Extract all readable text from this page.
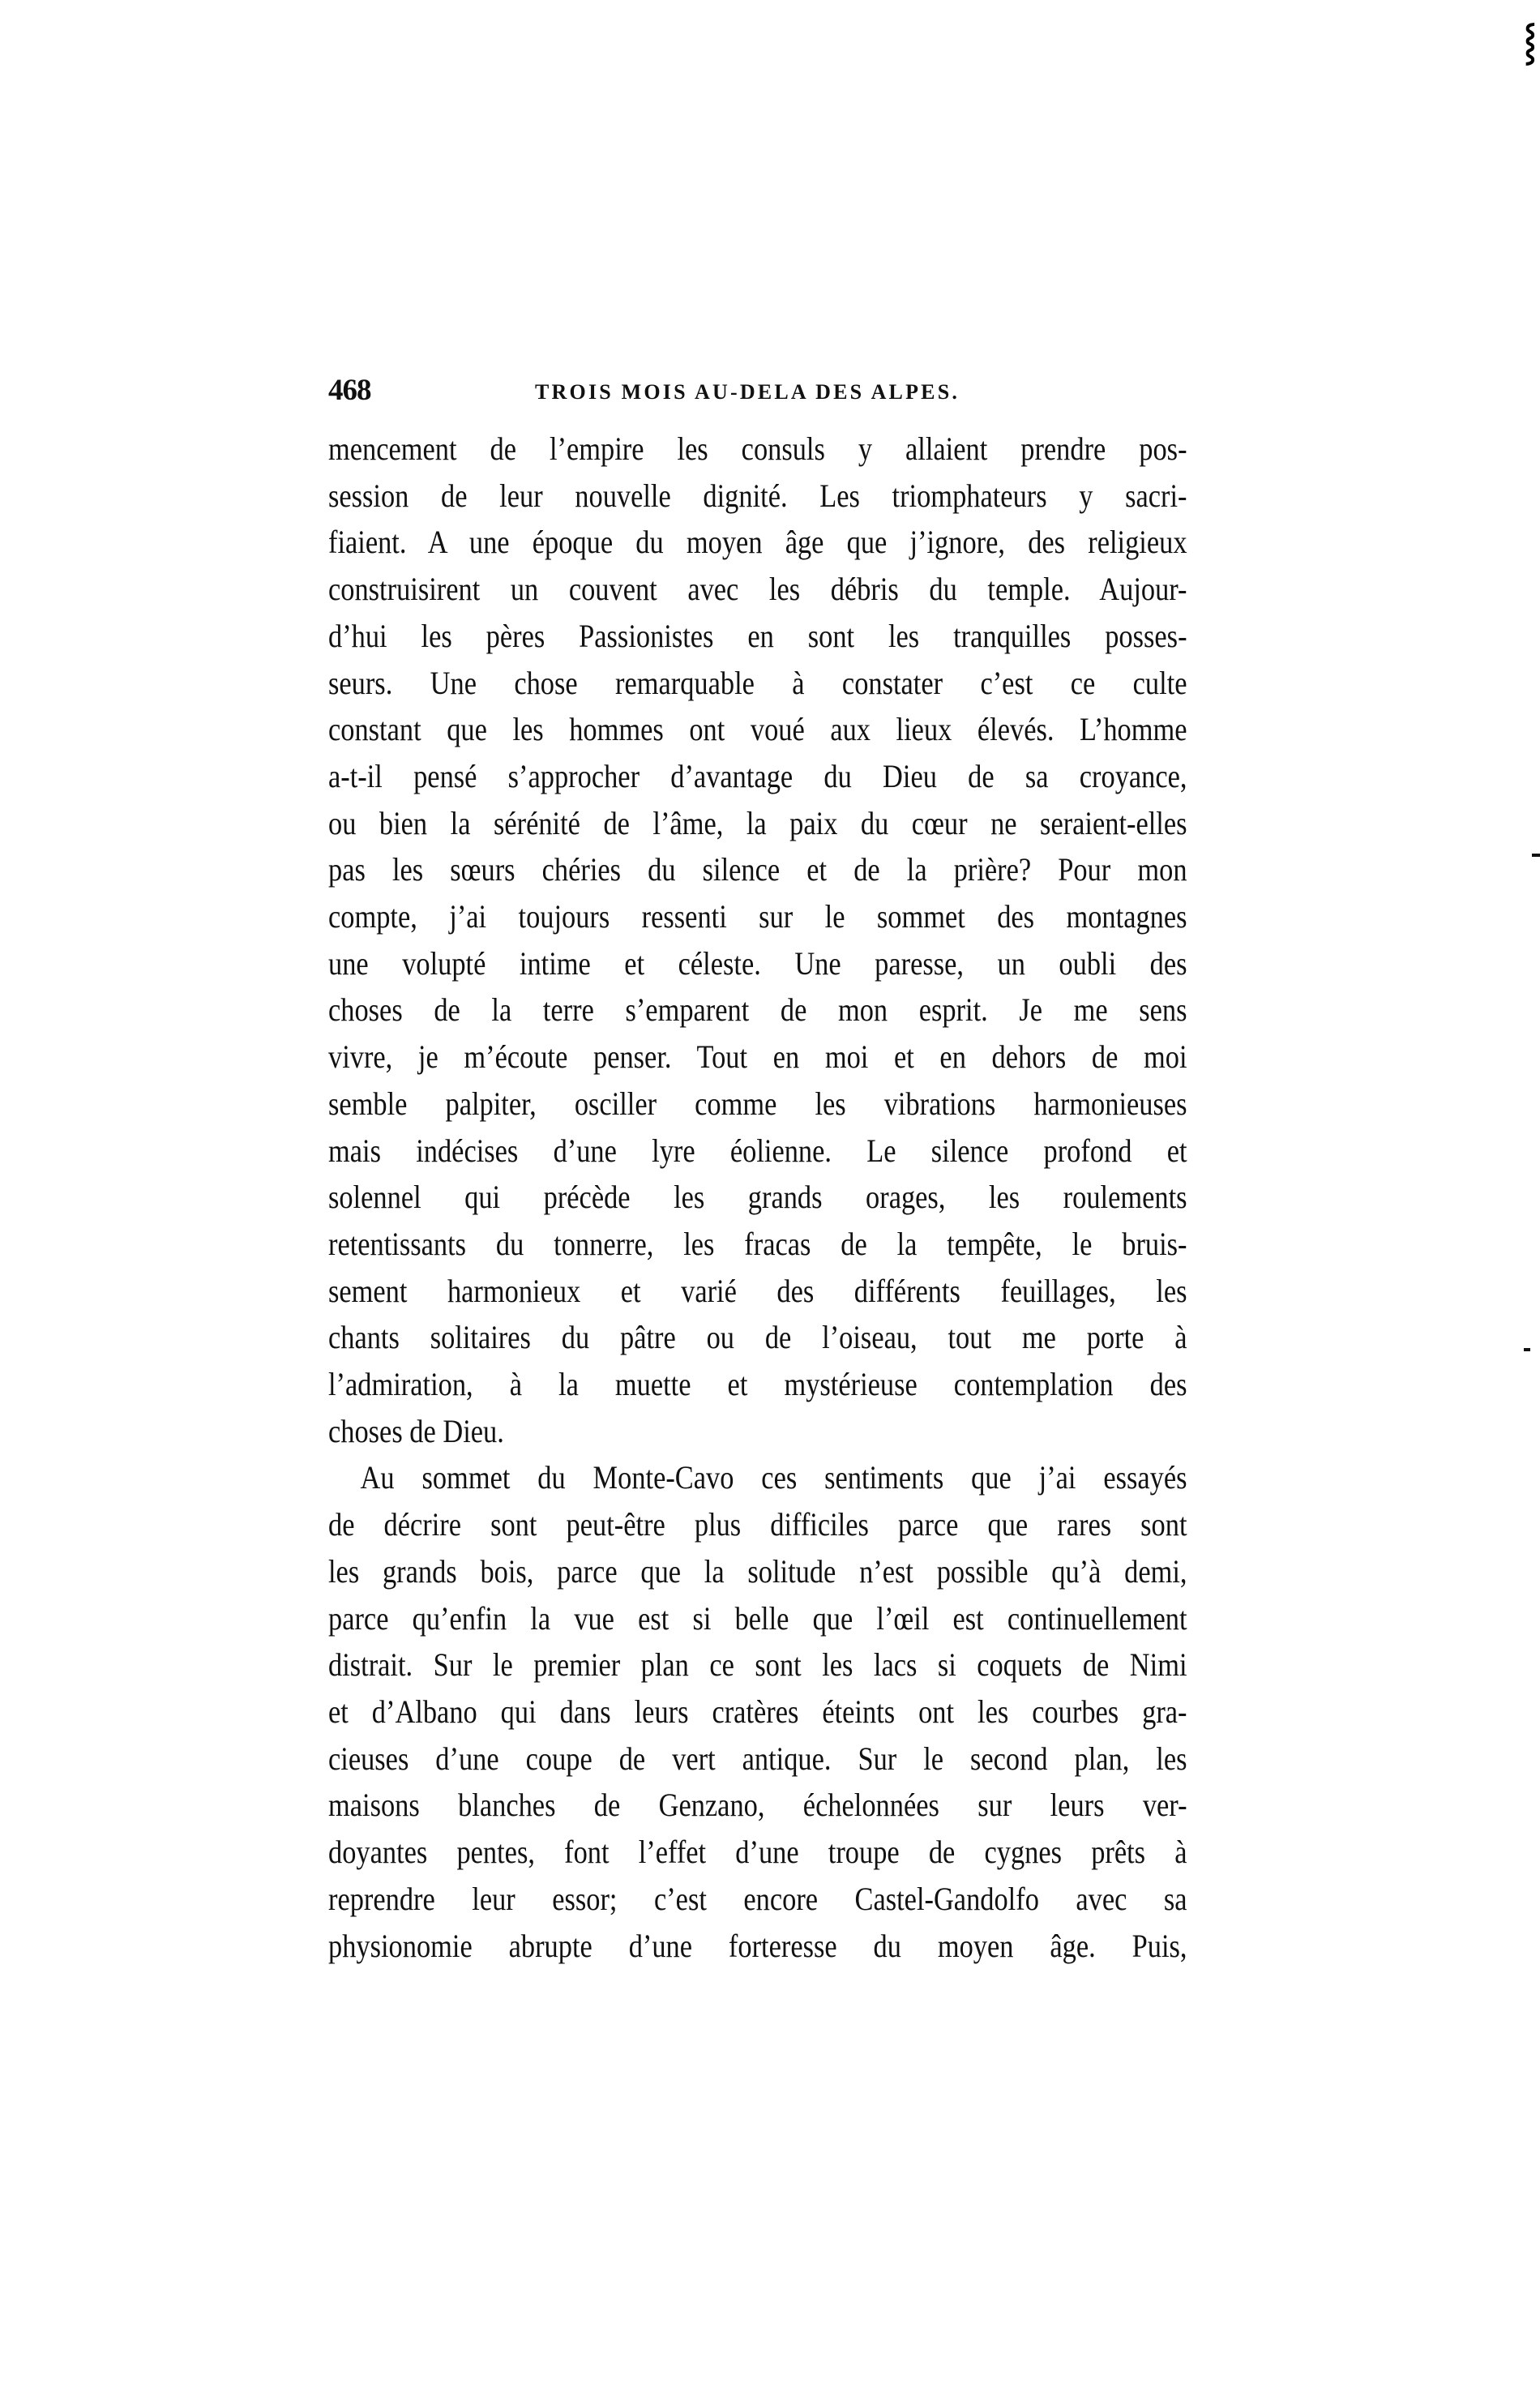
⸾
468	TROIS MOIS AU-DELA DES ALPES.

mencement de l’empire les consuls y allaient prendre pos-
session de leur nouvelle dignité. Les triomphateurs y sacri-
fiaient. A une époque du moyen âge que j’ignore, des religieux
construisirent un couvent avec les débris du temple. Aujour-
d’hui les pères Passionistes en sont les tranquilles posses-
seurs. Une chose remarquable à constater c’est ce culte
constant que les hommes ont voué aux lieux élevés. L’homme
a-t-il pensé s’approcher d’avantage du Dieu de sa croyance,
ou bien la sérénité de l’âme, la paix du cœur ne seraient-elles
pas les sœurs chéries du silence et de la prière? Pour mon
compte, j’ai toujours ressenti sur le sommet des montagnes
une volupté intime et céleste. Une paresse, un oubli des
choses de la terre s’emparent de mon esprit. Je me sens
vivre, je m’écoute penser. Tout en moi et en dehors de moi
semble palpiter, osciller comme les vibrations harmonieuses
mais indécises d’une lyre éolienne. Le silence profond et
solennel qui précède les grands orages, les roulements
retentissants du tonnerre, les fracas de la tempête, le bruis-
sement harmonieux et varié des différents feuillages, les
chants solitaires du pâtre ou de l’oiseau, tout me porte à
l’admiration, à la muette et mystérieuse contemplation des
choses de Dieu.

Au sommet du Monte-Cavo ces sentiments que j’ai essayés
de décrire sont peut-être plus difficiles parce que rares sont
les grands bois, parce que la solitude n’est possible qu’à demi,
parce qu’enfin la vue est si belle que l’œil est continuellement
distrait. Sur le premier plan ce sont les lacs si coquets de Nimi
et d’Albano qui dans leurs cratères éteints ont les courbes gra-
cieuses d’une coupe de vert antique. Sur le second plan, les
maisons blanches de Genzano, échelonnées sur leurs ver-
doyantes pentes, font l’effet d’une troupe de cygnes prêts à
reprendre leur essor; c’est encore Castel-Gandolfo avec sa
physionomie abrupte d’une forteresse du moyen âge. Puis,
